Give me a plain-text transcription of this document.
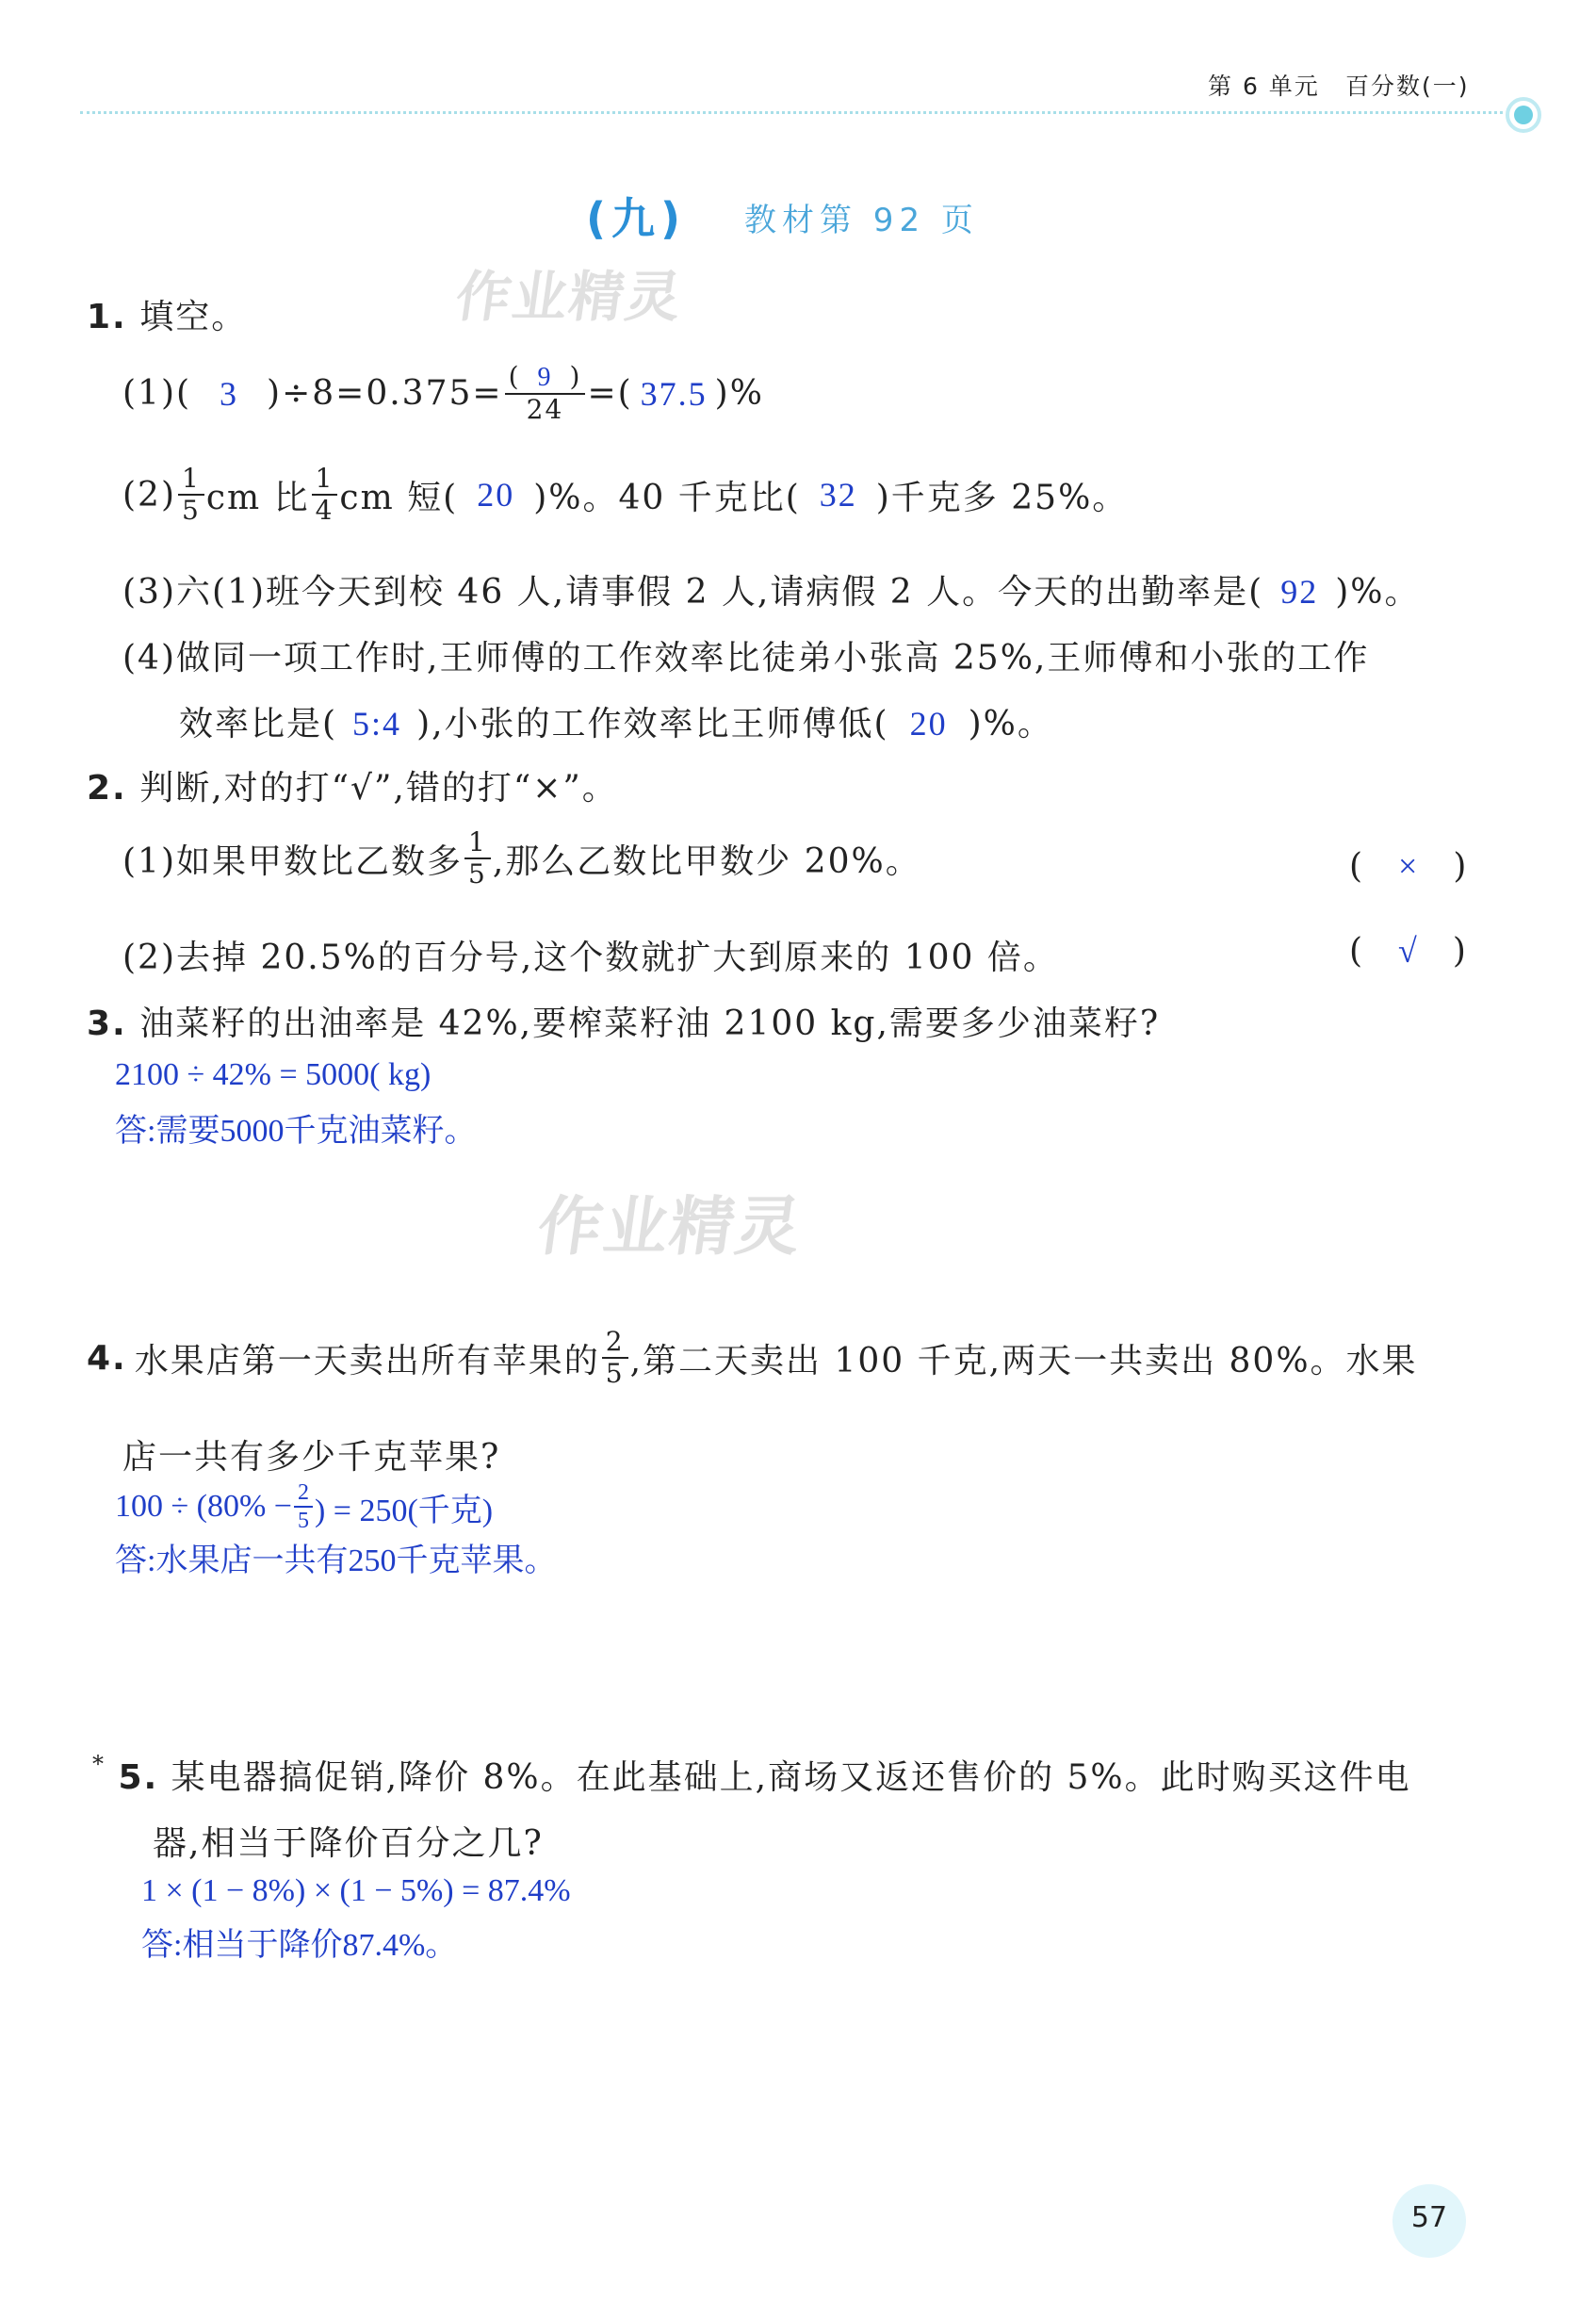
第 6 单元 百分数(一)
(九) 教材第 92 页
作业精灵
作业精灵
1. 填空。
(1)( 3 )$\div 8=0.375= \frac{( 9 )}{24}$ =( 37.5 )%
$(2) \frac{1}{5}$ cm 比 $\frac{1}{4}$ cm 短( 20 )%。40 千克比( 32 )千克多 25%。
(3)六(1)班今天到校 46 人,请事假 2 人,请病假 2 人。今天的出勤率是( 92 )%。
(4)做同一项工作时,王师傅的工作效率比徒弟小张高 25%,王师傅和小张的工作
效率比是( 5:4 ),小张的工作效率比王师傅低( 20 )%。
2. 判断,对的打“√”,错的打“×”。
(1)如果甲数比乙数多 $\frac{1}{5}$ ,那么乙数比甲数少 20%。	( × )
(2)去掉 20.5%的百分号,这个数就扩大到原来的 100 倍。	( √ )
3. 油菜籽的出油率是 42%,要榨菜籽油 2100 kg,需要多少油菜籽?
2100 ÷ 42% = 5000( kg)
答:需要5000千克油菜籽。
4. 水果店第一天卖出所有苹果的 $\frac{2}{5}$ ,第二天卖出 100 千克,两天一共卖出 80%。水果
店一共有多少千克苹果?
$100 \div (80\% - \frac{2}{5}$ ) = 250(千克)
答:水果店一共有250千克苹果。
* 5. 某电器搞促销,降价 8%。在此基础上,商场又返还售价的 5%。此时购买这件电
器,相当于降价百分之几?
1 × (1 − 8%) × (1 − 5%) = 87.4%
答:相当于降价87.4%。
57
